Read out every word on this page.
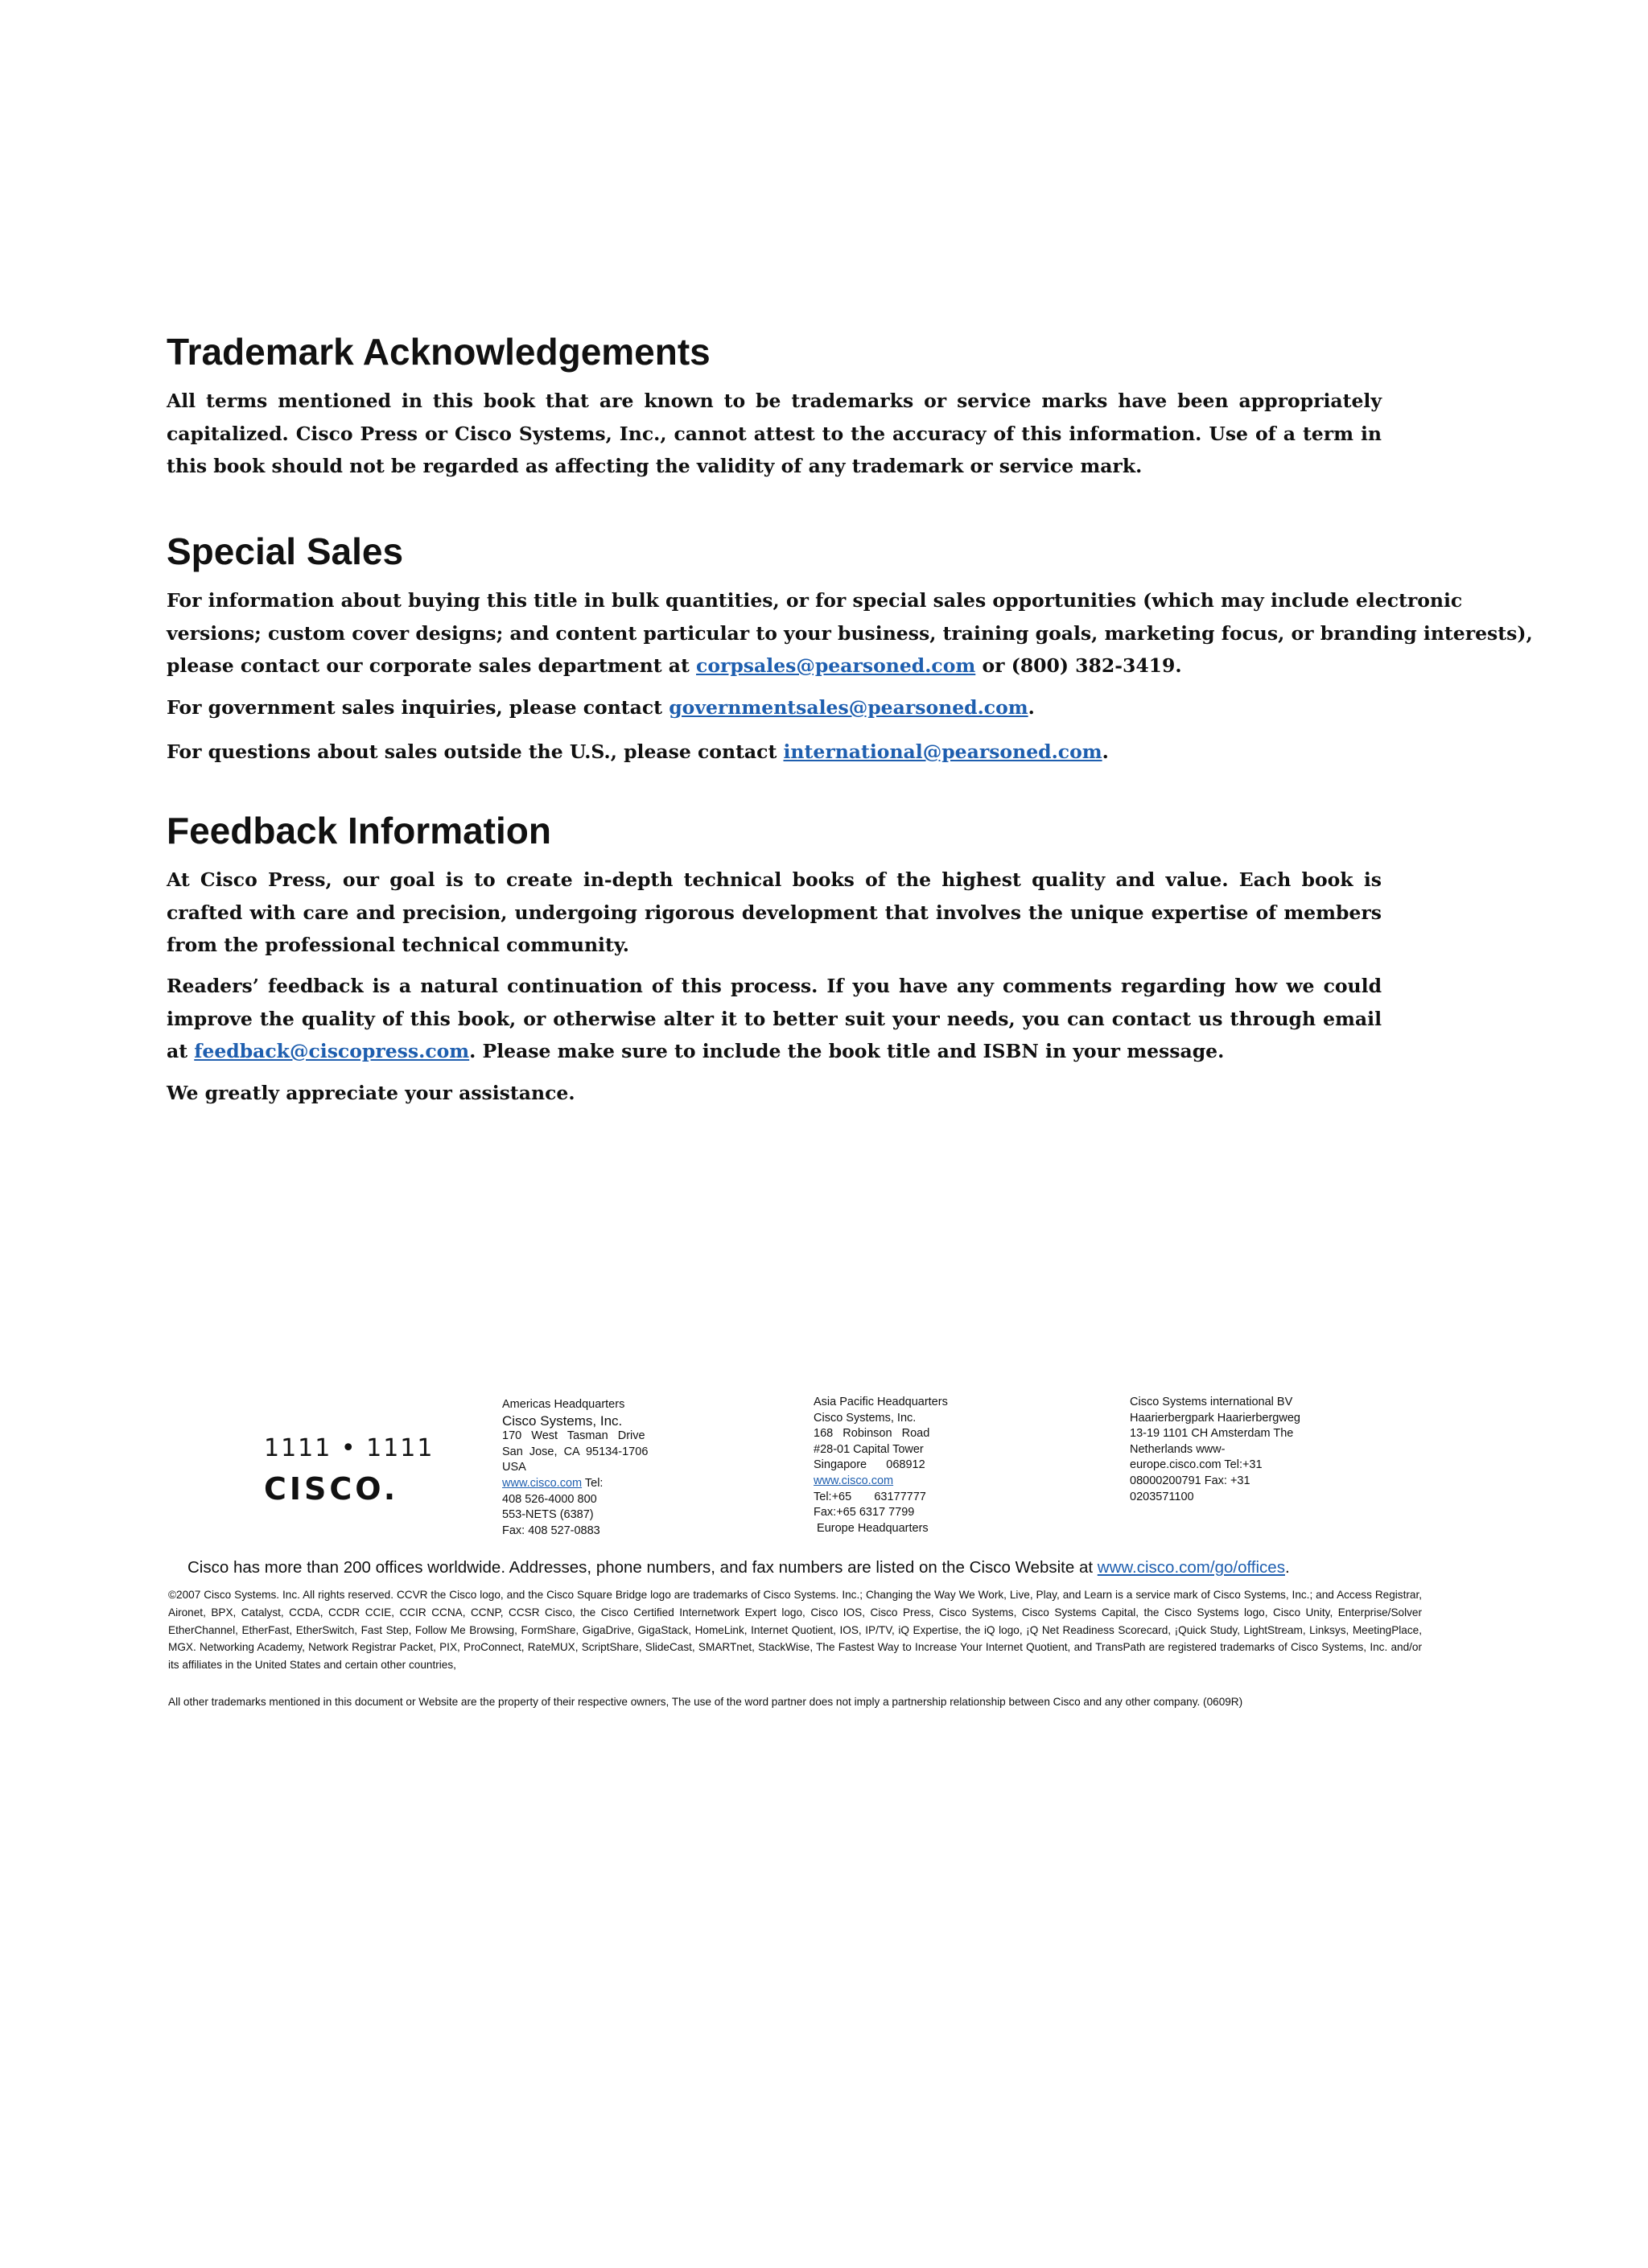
Trademark Acknowledgements

All terms mentioned in this book that are known to be trademarks or service marks have been appropriately capitalized. Cisco Press or Cisco Systems, Inc., cannot attest to the accuracy of this information. Use of a term in this book should not be regarded as affecting the validity of any trademark or service mark.

Special Sales
For information about buying this title in bulk quantities, or for special sales opportunities (which may include electronic
versions; custom cover designs; and content particular to your business, training goals, marketing focus, or branding interests),
please contact our corporate sales department at corpsales@pearsoned.com or (800) 382-3419.

For government sales inquiries, please contact governmentsales@pearsoned.com.

For questions about sales outside the U.S., please contact international@pearsoned.com.

Feedback Information

At Cisco Press, our goal is to create in-depth technical books of the highest quality and value. Each book is crafted with care and precision, undergoing rigorous development that involves the unique expertise of members from the professional technical community.

Readers’ feedback is a natural continuation of this process. If you have any comments regarding how we could improve the quality of this book, or otherwise alter it to better suit your needs, you can contact us through email at feedback@ciscopress.com. Please make sure to include the book title and ISBN in your message.

We greatly appreciate your assistance.

1111 • 1111
CISCO.
Americas Headquarters
Cisco Systems, Inc.
170   West   Tasman   Drive
San  Jose,  CA  95134-1706
USA
www.cisco.com Tel:
408 526-4000 800
553-NETS (6387)
Fax: 408 527-0883
Asia Pacific Headquarters
Cisco Systems, Inc.
168   Robinson   Road
#28-01 Capital Tower
Singapore      068912
www.cisco.com
Tel:+65       63177777
Fax:+65 6317 7799
Europe Headquarters
Cisco Systems international BV
Haarierbergpark Haarierbergweg
13-19 1101 CH Amsterdam The
Netherlands www-
europe.cisco.com Tel:+31
08000200791 Fax: +31
0203571100

Cisco has more than 200 offices worldwide. Addresses, phone numbers, and fax numbers are listed on the Cisco Website at www.cisco.com/go/offices.

©2007 Cisco Systems. Inc. All rights reserved. CCVR the Cisco logo, and the Cisco Square Bridge logo are trademarks of Cisco Systems. Inc.; Changing the Way We Work, Live, Play, and Learn is a service mark of Cisco Systems, Inc.; and Access Registrar, Aironet, BPX, Catalyst, CCDA, CCDR CCIE, CCIR CCNA, CCNP, CCSR Cisco, the Cisco Certified Internetwork Expert logo, Cisco IOS, Cisco Press, Cisco Systems, Cisco Systems Capital, the Cisco Systems logo, Cisco Unity, Enterprise/Solver EtherChannel, EtherFast, EtherSwitch, Fast Step, Follow Me Browsing, FormShare, GigaDrive, GigaStack, HomeLink, Internet Quotient, IOS, IP/TV, iQ Expertise, the iQ logo, ¡Q Net Readiness Scorecard, ¡Quick Study, LightStream, Linksys, MeetingPlace, MGX. Networking Academy, Network Registrar Packet, PIX, ProConnect, RateMUX, ScriptShare, SlideCast, SMARTnet, StackWise, The Fastest Way to Increase Your Internet Quotient, and TransPath are registered trademarks of Cisco Systems, Inc. and/or its affiliates in the United States and certain other countries,

All other trademarks mentioned in this document or Website are the property of their respective owners, The use of the word partner does not imply a partnership relationship between Cisco and any other company. (0609R)
